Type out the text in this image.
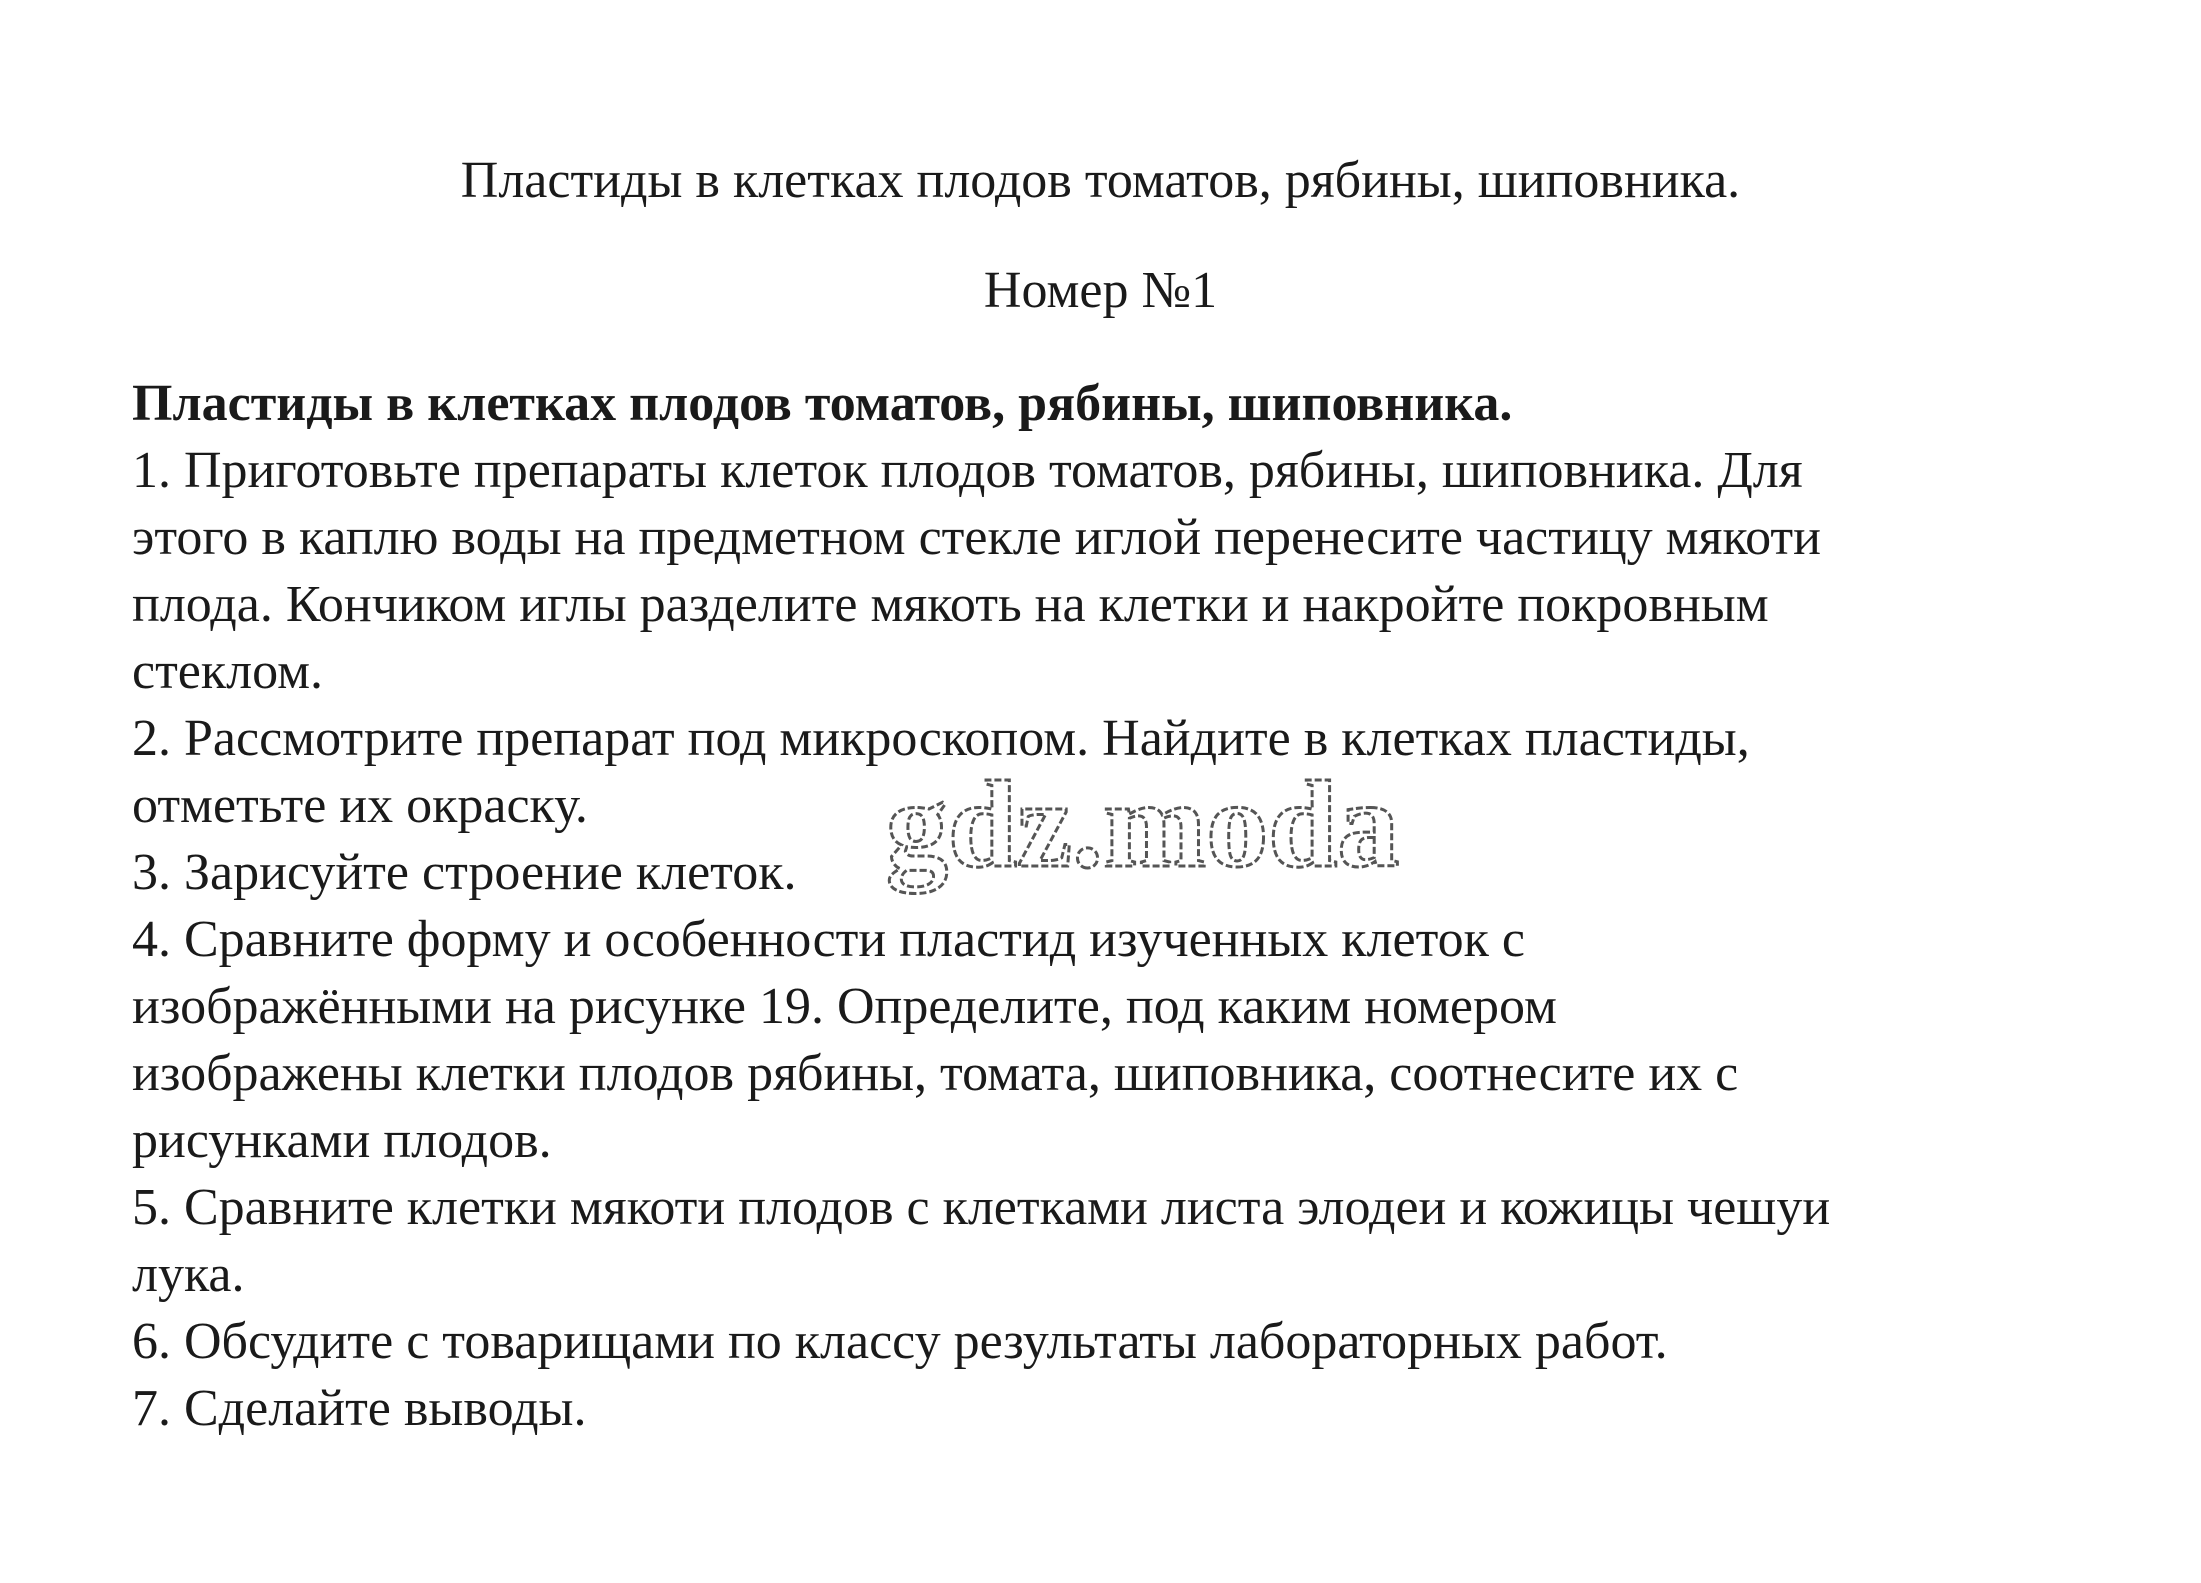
Пластиды в клетках плодов томатов, рябины, шиповника.
Номер №1

Пластиды в клетках плодов томатов, рябины, шиповника.

1. Приготовьте препараты клеток плодов томатов, рябины, шиповника. Для

этого в каплю воды на предметном стекле иглой перенесите частицу мякоти

плода. Кончиком иглы разделите мякоть на клетки и накройте покровным

стеклом.

2. Рассмотрите препарат под микроскопом. Найдите в клетках пластиды,

отметьте их окраску.

3. Зарисуйте строение клеток.

4. Сравните форму и особенности пластид изученных клеток с

изображёнными на рисунке 19. Определите, под каким номером

изображены клетки плодов рябины, томата, шиповника, соотнесите их с

рисунками плодов.

5. Сравните клетки мякоти плодов с клетками листа элодеи и кожицы чешуи

лука.

6. Обсудите с товарищами по классу результаты лабораторных работ.

7. Сделайте выводы.

gdz.moda
